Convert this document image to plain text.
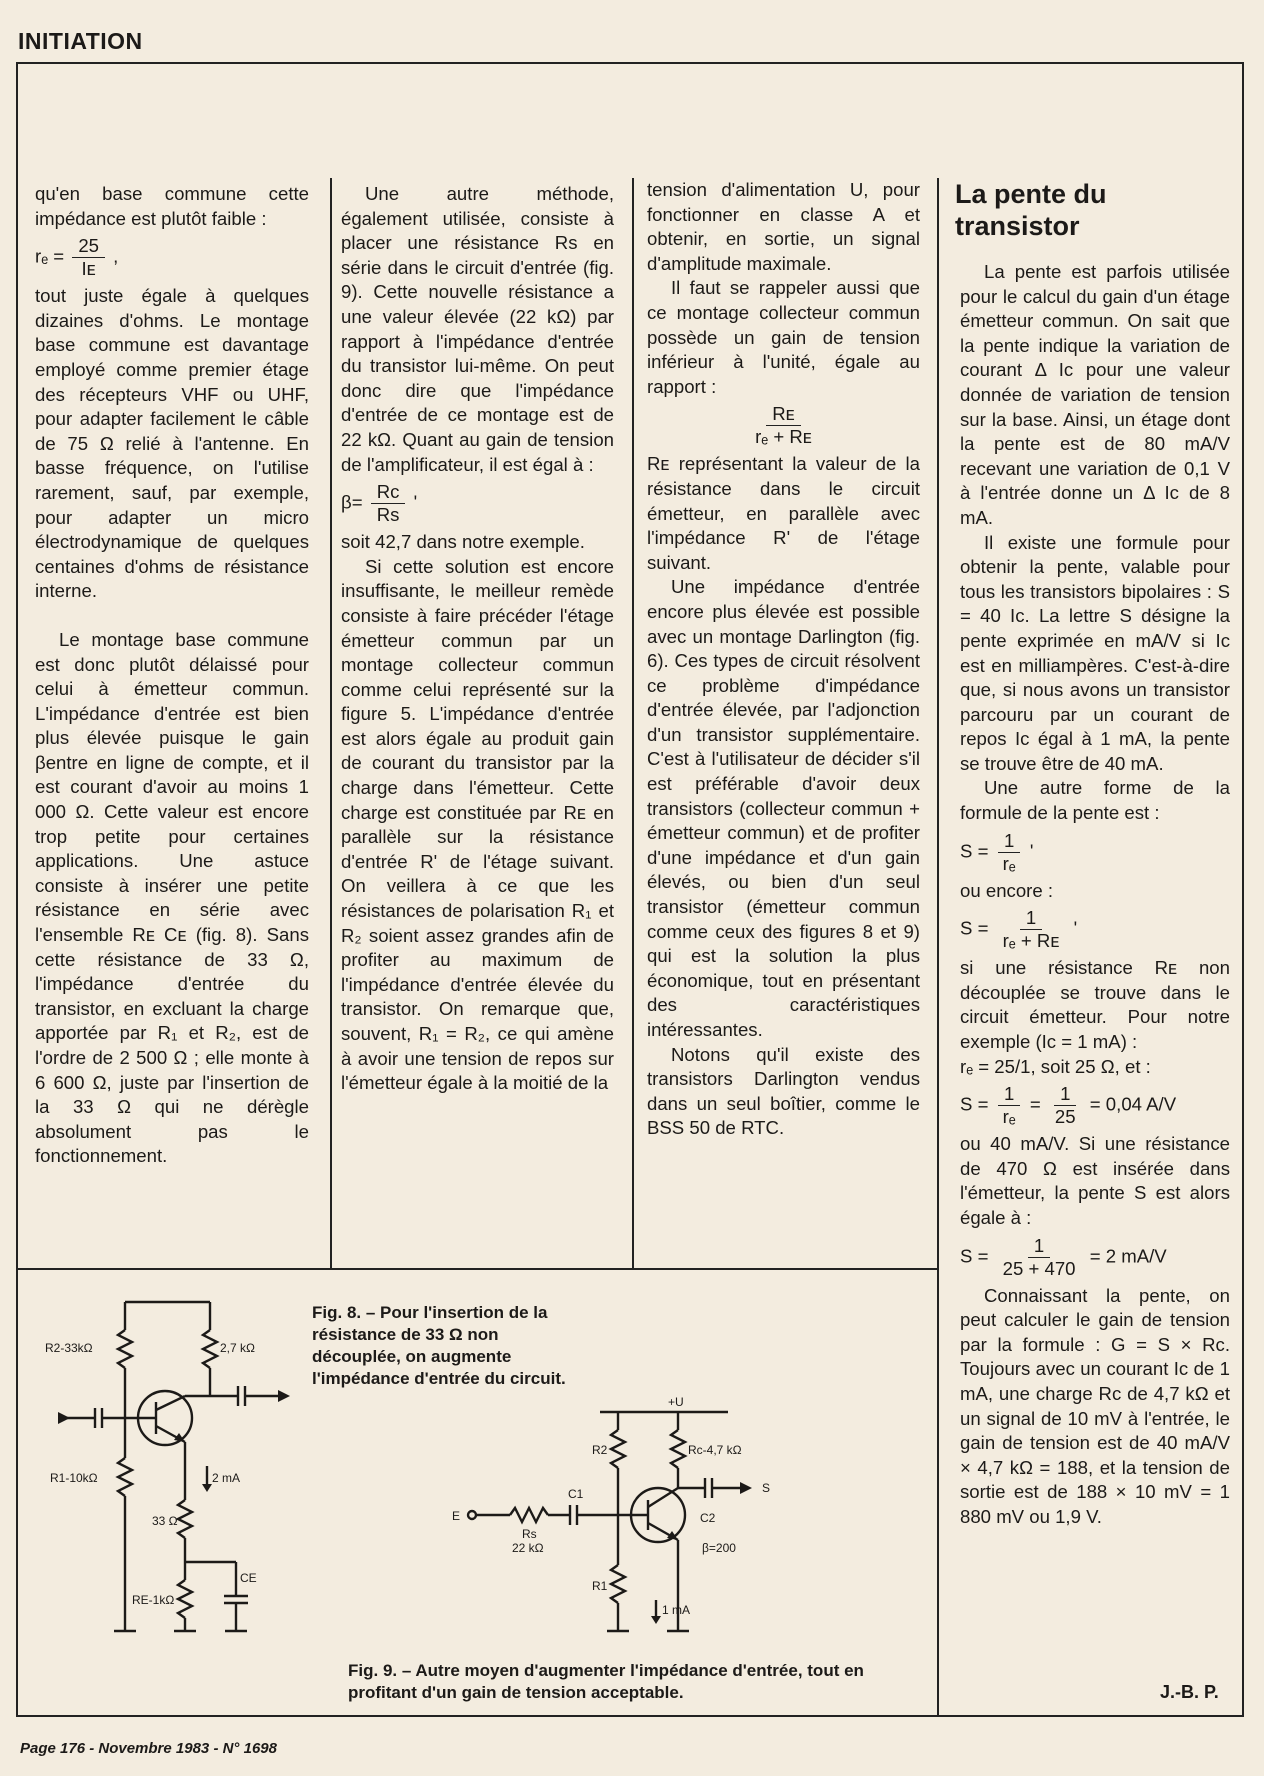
INITIATION

qu'en base commune cette impédance est plutôt faible :

$r_e = \frac{25}{\text{Iᴇ}}$ ,

tout juste égale à quelques dizaines d'ohms. Le montage base commune est davantage employé comme premier étage des récepteurs VHF ou UHF, pour adapter facilement le câble de 75 Ω relié à l'antenne. En basse fréquence, on l'utilise rarement, sauf, par exemple, pour adapter un micro électrodynamique de quelques centaines d'ohms de résistance interne.

Le montage base commune est donc plutôt délaissé pour celui à émetteur commun. L'impédance d'entrée est bien plus élevée puisque le gain βentre en ligne de compte, et il est courant d'avoir au moins 1 000 Ω. Cette valeur est encore trop petite pour certaines applications. Une astuce consiste à insérer une petite résistance en série avec l'ensemble Rᴇ Cᴇ (fig. 8). Sans cette résistance de 33 Ω, l'impédance d'entrée du transistor, en excluant la charge apportée par R₁ et R₂, est de l'ordre de 2 500 Ω ; elle monte à 6 600 Ω, juste par l'insertion de la 33 Ω qui ne dérègle absolument pas le fonctionnement.

Une autre méthode, également utilisée, consiste à placer une résistance Rs en série dans le circuit d'entrée (fig. 9). Cette nouvelle résistance a une valeur élevée (22 kΩ) par rapport à l'impédance d'entrée du transistor lui-même. On peut donc dire que l'impédance d'entrée de ce montage est de 22 kΩ. Quant au gain de tension de l'amplificateur, il est égal à :

$\beta= \frac{Rc}{Rs}$ '

soit 42,7 dans notre exemple.

Si cette solution est encore insuffisante, le meilleur remède consiste à faire précéder l'étage émetteur commun par un montage collecteur commun comme celui représenté sur la figure 5. L'impédance d'entrée est alors égale au produit gain de courant du transistor par la charge dans l'émetteur. Cette charge est constituée par Rᴇ en parallèle sur la résistance d'entrée R' de l'étage suivant. On veillera à ce que les résistances de polarisation R₁ et R₂ soient assez grandes afin de profiter au maximum de l'impédance d'entrée élevée du transistor. On remarque que, souvent, R₁ = R₂, ce qui amène à avoir une tension de repos sur l'émetteur égale à la moitié de la

tension d'alimentation U, pour fonctionner en classe A et obtenir, en sortie, un signal d'amplitude maximale.

Il faut se rappeler aussi que ce montage collecteur commun possède un gain de tension inférieur à l'unité, égale au rapport :

$\frac{\text{Rᴇ}}{\text{rₑ + Rᴇ}}$

Rᴇ représentant la valeur de la résistance dans le circuit émetteur, en parallèle avec l'impédance R' de l'étage suivant.

Une impédance d'entrée encore plus élevée est possible avec un montage Darlington (fig. 6). Ces types de circuit résolvent ce problème d'impédance d'entrée élevée, par l'adjonction d'un transistor supplémentaire. C'est à l'utilisateur de décider s'il est préférable d'avoir deux transistors (collecteur commun + émetteur commun) et de profiter d'une impédance et d'un gain élevés, ou bien d'un seul transistor (émetteur commun comme ceux des figures 8 et 9) qui est la solution la plus économique, tout en présentant des caractéristiques intéressantes.

Notons qu'il existe des transistors Darlington vendus dans un seul boîtier, comme le BSS 50 de RTC.

La pente du transistor

La pente est parfois utilisée pour le calcul du gain d'un étage émetteur commun. On sait que la pente indique la variation de courant Δ Ic pour une valeur donnée de variation de tension sur la base. Ainsi, un étage dont la pente est de 80 mA/V recevant une variation de 0,1 V à l'entrée donne un Δ Ic de 8 mA.

Il existe une formule pour obtenir la pente, valable pour tous les transistors bipolaires : S = 40 Ic. La lettre S désigne la pente exprimée en mA/V si Ic est en milliampères. C'est-à-dire que, si nous avons un transistor parcouru par un courant de repos Ic égal à 1 mA, la pente se trouve être de 40 mA.

Une autre forme de la formule de la pente est :

$S = \frac{1}{\text{rₑ}}$ '

ou encore :

$S = \frac{1}{\text{rₑ + Rᴇ}}$ '

si une résistance Rᴇ non découplée se trouve dans le circuit émetteur. Pour notre exemple (Ic = 1 mA) :

rₑ = 25/1, soit 25 Ω, et :

$S = \frac{1}{\text{rₑ}} = \frac{1}{25} = 0,04$ A/V

ou 40 mA/V. Si une résistance de 470 Ω est insérée dans l'émetteur, la pente S est alors égale à :

$S = \frac{1}{25 + 470} = 2$ mA/V

Connaissant la pente, on peut calculer le gain de tension par la formule : G = S × Rc. Toujours avec un courant Ic de 1 mA, une charge Rc de 4,7 kΩ et un signal de 10 mV à l'entrée, le gain de tension est de 40 mA/V × 4,7 kΩ = 188, et la tension de sortie est de 188 × 10 mV = 1 880 mV ou 1,9 V.

J.-B. P.
Fig. 8. – Pour l'insertion de la résistance de 33 Ω non découplée, on augmente l'impédance d'entrée du circuit.
R2-33kΩ	2,7 kΩ
2 mA
33 Ω
R1-10kΩ
RE-1kΩ
CE
+U
R2	Rc-4,7 kΩ
C1
C2
S
E
Rs
22 kΩ
R1
β=200
1 mA
Fig. 9. – Autre moyen d'augmenter l'impédance d'entrée, tout en profitant d'un gain de tension acceptable.
Page 176 - Novembre 1983 - N° 1698
